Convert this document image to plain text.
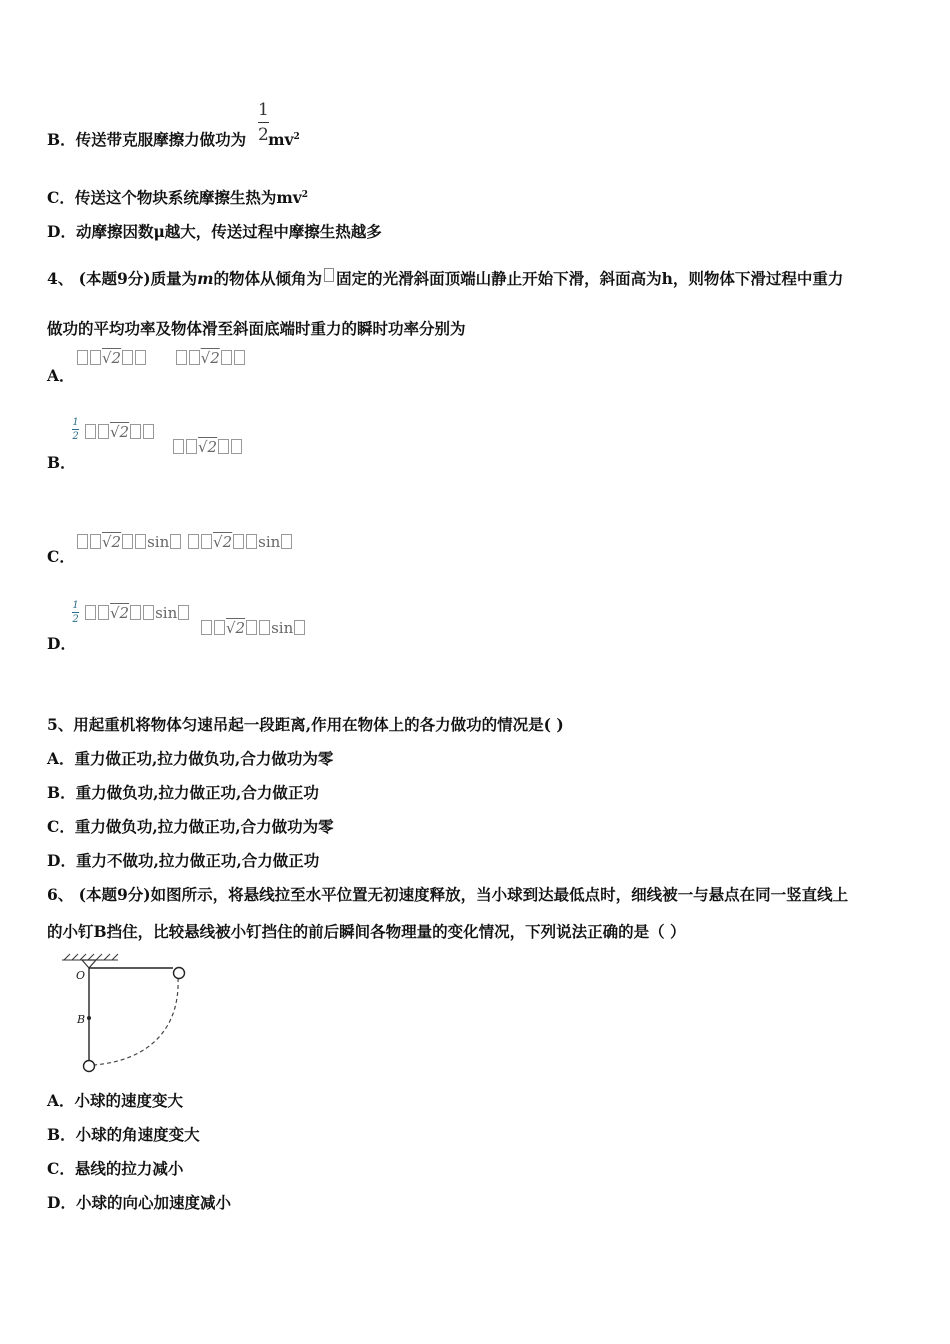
B．传送带克服摩擦力做功为 $mv^2$
1
2
C．传送这个物块系统摩擦生热为$mv^2$
D．动摩擦因数μ越大，传送过程中摩擦生热越多
4、 (本题9分)质量为m的物体从倾角为 固定的光滑斜面顶端山静止开始下滑，斜面高为h，则物体下滑过程中重力
做功的平均功率及物体滑至斜面底端时重力的瞬时功率分别为
A．
√2	√2
B．
1
2	√2
√2
C．
√2 sin	√2 sin
D．
1
2	√2 sin
√2 sin
5、用起重机将物体匀速吊起一段距离,作用在物体上的各力做功的情况是( )
A．重力做正功,拉力做负功,合力做功为零
B．重力做负功,拉力做正功,合力做正功
C．重力做负功,拉力做正功,合力做功为零
D．重力不做功,拉力做正功,合力做正功
6、 (本题9分)如图所示，将悬线拉至水平位置无初速度释放，当小球到达最低点时，细线被一与悬点在同一竖直线上
的小钉B挡住，比较悬线被小钉挡住的前后瞬间各物理量的变化情况，下列说法正确的是（ ）
O
B
A．小球的速度变大
B．小球的角速度变大
C．悬线的拉力减小
D．小球的向心加速度减小
